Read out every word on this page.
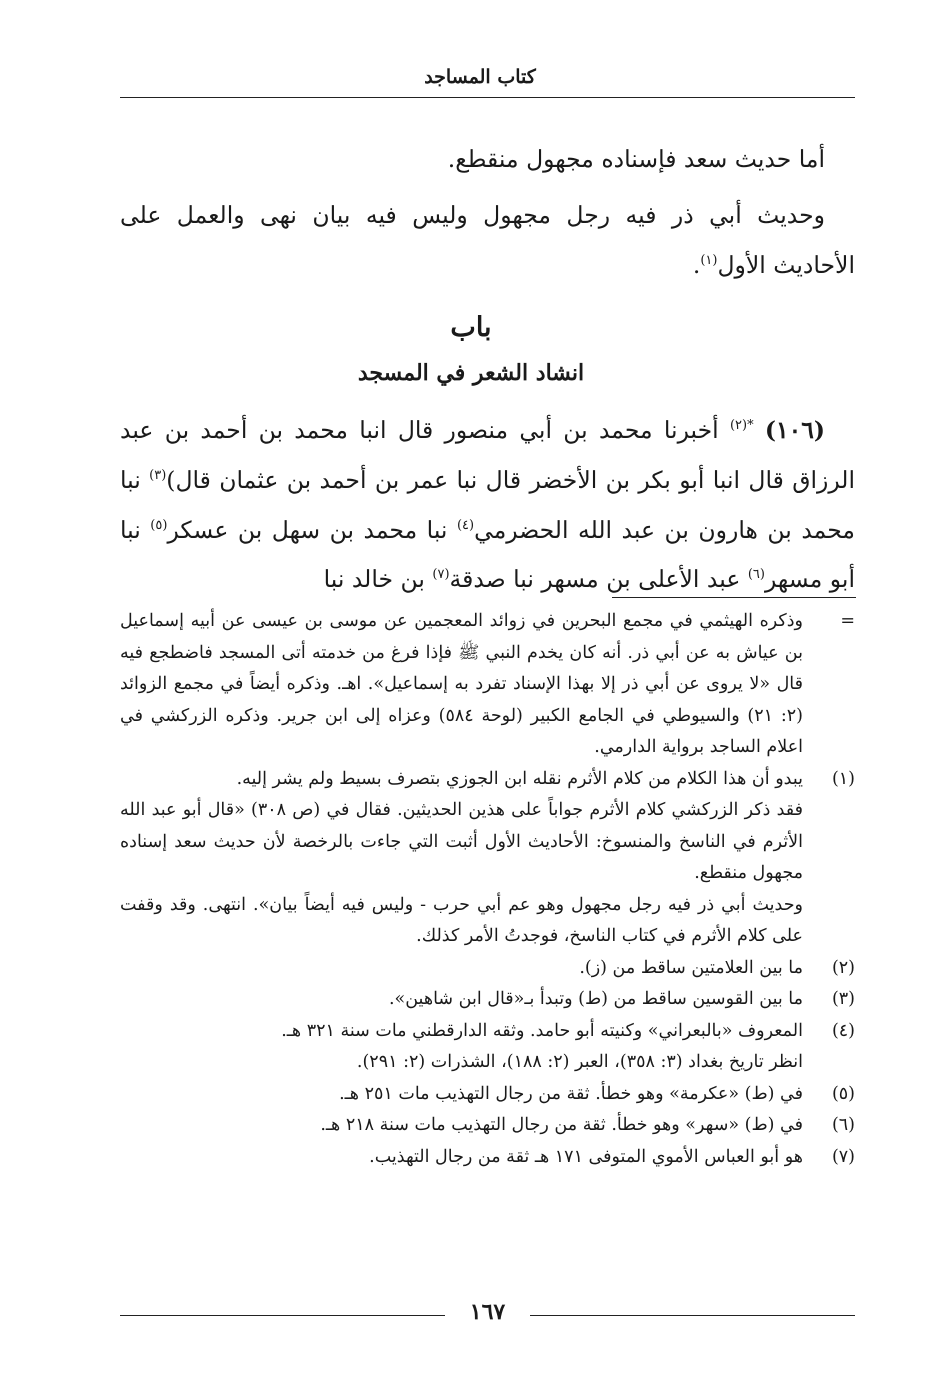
كتاب المساجد

أما حديث سعد فإسناده مجهول منقطع.

وحديث أبي ذر فيه رجل مجهول وليس فيه بيان نهى والعمل على الأحاديث الأول$^{(١)}$.

باب
انشاد الشعر في المسجد

(١٠٦) $^{*(٢)}$ أخبرنا محمد بن أبي منصور قال انبا محمد بن أحمد بن عبد الرزاق قال انبا أبو بكر بن الأخضر قال نبا عمر بن أحمد بن عثمان قال)$^{(٣)}$ نبا محمد بن هارون بن عبد الله الحضرمي$^{(٤)}$ نبا محمد بن سهل بن عسكر$^{(٥)}$ نبا أبو مسهر$^{(٦)}$ عبد الأعلى بن مسهر نبا صدقة$^{(٧)}$ بن خالد نبا

=
وذكره الهيثمي في مجمع البحرين في زوائد المعجمين عن موسى بن عيسى عن أبيه إسماعيل بن عياش به عن أبي ذر. أنه كان يخدم النبي ﷺ فإذا فرغ من خدمته أتى المسجد فاضطجع فيه قال «لا يروى عن أبي ذر إلا بهذا الإسناد تفرد به إسماعيل». اهـ. وذكره أيضاً في مجمع الزوائد (٢: ٢١) والسيوطي في الجامع الكبير (لوحة ٥٨٤) وعزاه إلى ابن جرير. وذكره الزركشي في اعلام الساجد برواية الدارمي.
(١)
يبدو أن هذا الكلام من كلام الأثرم نقله ابن الجوزي بتصرف بسيط ولم يشر إليه.
فقد ذكر الزركشي كلام الأثرم جواباً على هذين الحديثين. فقال في (ص ٣٠٨) «قال أبو عبد الله الأثرم في الناسخ والمنسوخ: الأحاديث الأول أثبت التي جاءت بالرخصة لأن حديث سعد إسناده مجهول منقطع.
وحديث أبي ذر فيه رجل مجهول وهو عم أبي حرب - وليس فيه أيضاً بيان». انتهى. وقد وقفت على كلام الأثرم في كتاب الناسخ، فوجدتُ الأمر كذلك.
(٢)
ما بين العلامتين ساقط من (ز).
(٣)
ما بين القوسين ساقط من (ط) وتبدأ بـ«قال ابن شاهين».
(٤)
المعروف «بالبعراني» وكنيته أبو حامد. وثقه الدارقطني مات سنة ٣٢١ هـ.
انظر تاريخ بغداد (٣: ٣٥٨)، العبر (٢: ١٨٨)، الشذرات (٢: ٢٩١).
(٥)
في (ط) «عكرمة» وهو خطأ. ثقة من رجال التهذيب مات ٢٥١ هـ.
(٦)
في (ط) «سهر» وهو خطأ. ثقة من رجال التهذيب مات سنة ٢١٨ هـ.
(٧)
هو أبو العباس الأموي المتوفى ١٧١ هـ ثقة من رجال التهذيب.
١٦٧
